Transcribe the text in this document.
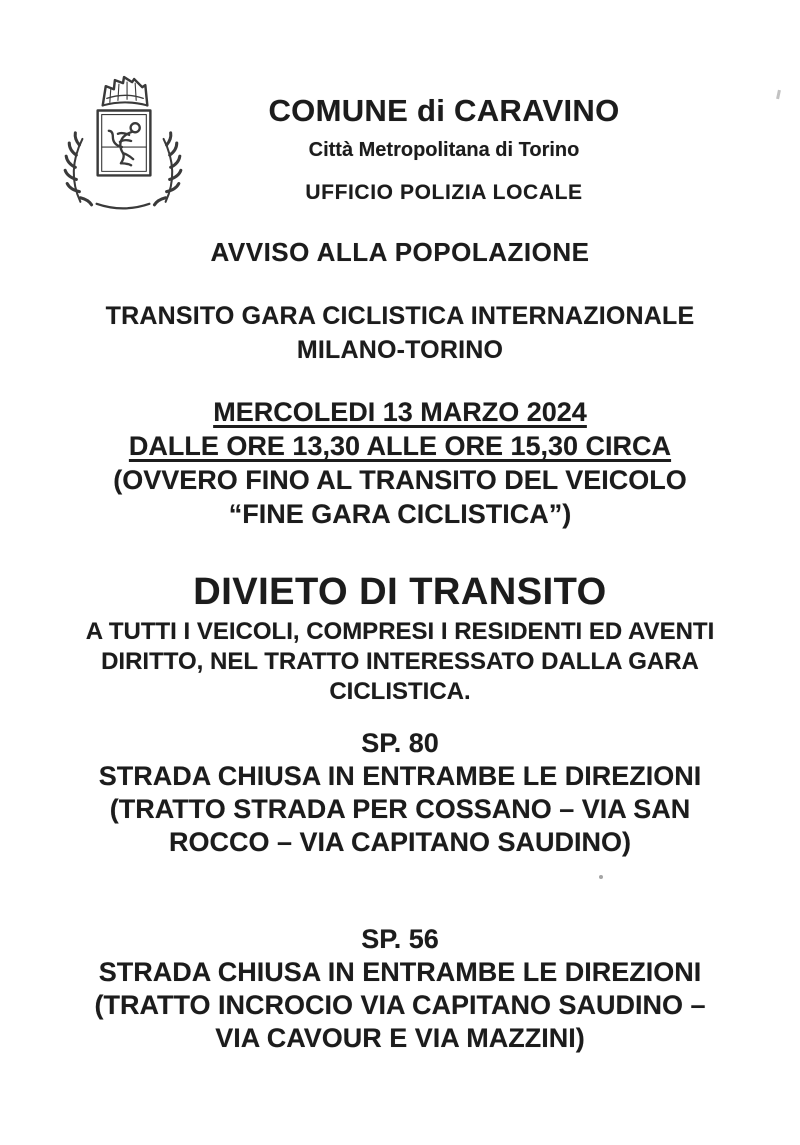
COMUNE di CARAVINO
Città Metropolitana di Torino
UFFICIO POLIZIA LOCALE
AVVISO ALLA POPOLAZIONE
TRANSITO GARA CICLISTICA INTERNAZIONALE
MILANO-TORINO
MERCOLEDI 13 MARZO 2024
DALLE ORE 13,30 ALLE ORE 15,30 CIRCA
(OVVERO FINO AL TRANSITO DEL VEICOLO
“FINE GARA CICLISTICA”)
DIVIETO DI TRANSITO
A TUTTI I VEICOLI, COMPRESI I RESIDENTI ED AVENTI
DIRITTO, NEL TRATTO INTERESSATO DALLA GARA
CICLISTICA.
SP. 80
STRADA CHIUSA IN ENTRAMBE LE DIREZIONI
(TRATTO STRADA PER COSSANO – VIA SAN
ROCCO – VIA CAPITANO SAUDINO)
SP. 56
STRADA CHIUSA IN ENTRAMBE LE DIREZIONI
(TRATTO INCROCIO VIA CAPITANO SAUDINO –
VIA CAVOUR E VIA MAZZINI)
